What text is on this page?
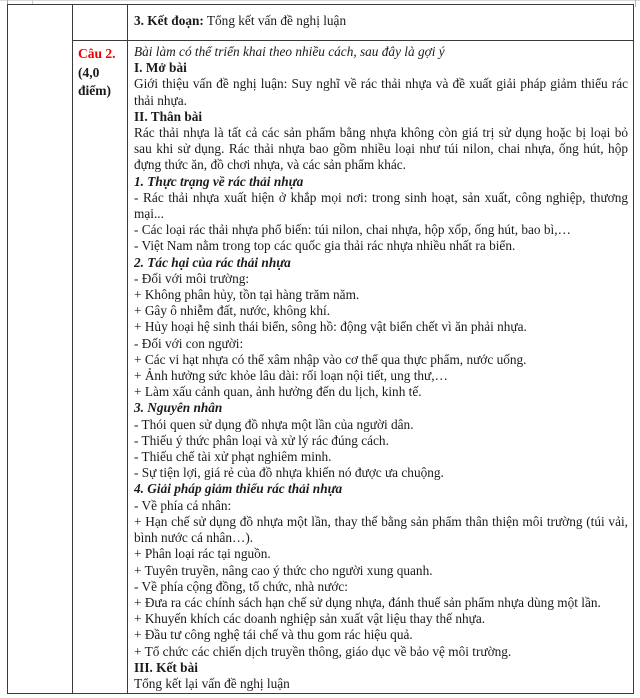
3. Kết đoạn: Tổng kết vấn đề nghị luận

Câu 2.

(4,0

điểm)

Bài làm có thể triển khai theo nhiều cách, sau đây là gợi ý

I. Mở bài

Giới thiệu vấn đề nghị luận: Suy nghĩ về rác thải nhựa và đề xuất giải pháp giảm thiểu rác thải nhựa.

II. Thân bài

Rác thải nhựa là tất cả các sản phẩm bằng nhựa không còn giá trị sử dụng hoặc bị loại bỏ sau khi sử dụng. Rác thải nhựa bao gồm nhiều loại như túi nilon, chai nhựa, ống hút, hộp đựng thức ăn, đồ chơi nhựa, và các sản phẩm khác.

1. Thực trạng về rác thải nhựa

- Rác thải nhựa xuất hiện ở khắp mọi nơi: trong sinh hoạt, sản xuất, công nghiệp, thương mại...

- Các loại rác thải nhựa phổ biến: túi nilon, chai nhựa, hộp xốp, ống hút, bao bì,…

- Việt Nam nằm trong top các quốc gia thải rác nhựa nhiều nhất ra biển.

2. Tác hại của rác thải nhựa

- Đối với môi trường:

+ Không phân hủy, tồn tại hàng trăm năm.

+ Gây ô nhiễm đất, nước, không khí.

+ Hủy hoại hệ sinh thái biển, sông hồ: động vật biển chết vì ăn phải nhựa.

- Đối với con người:

+ Các vi hạt nhựa có thể xâm nhập vào cơ thể qua thực phẩm, nước uống.

+ Ảnh hưởng sức khỏe lâu dài: rối loạn nội tiết, ung thư,…

+ Làm xấu cảnh quan, ảnh hưởng đến du lịch, kinh tế.

3. Nguyên nhân

- Thói quen sử dụng đồ nhựa một lần của người dân.

- Thiếu ý thức phân loại và xử lý rác đúng cách.

- Thiếu chế tài xử phạt nghiêm minh.

- Sự tiện lợi, giá rẻ của đồ nhựa khiến nó được ưa chuộng.

4. Giải pháp giảm thiểu rác thải nhựa

- Về phía cá nhân:

+ Hạn chế sử dụng đồ nhựa một lần, thay thế bằng sản phẩm thân thiện môi trường (túi vải, bình nước cá nhân…).

+ Phân loại rác tại nguồn.

+ Tuyên truyền, nâng cao ý thức cho người xung quanh.

- Về phía cộng đồng, tổ chức, nhà nước:

+ Đưa ra các chính sách hạn chế sử dụng nhựa, đánh thuế sản phẩm nhựa dùng một lần.

+ Khuyến khích các doanh nghiệp sản xuất vật liệu thay thế nhựa.

+ Đầu tư công nghệ tái chế và thu gom rác hiệu quả.

+ Tổ chức các chiến dịch truyền thông, giáo dục về bảo vệ môi trường.

III. Kết bài

Tổng kết lại vấn đề nghị luận
